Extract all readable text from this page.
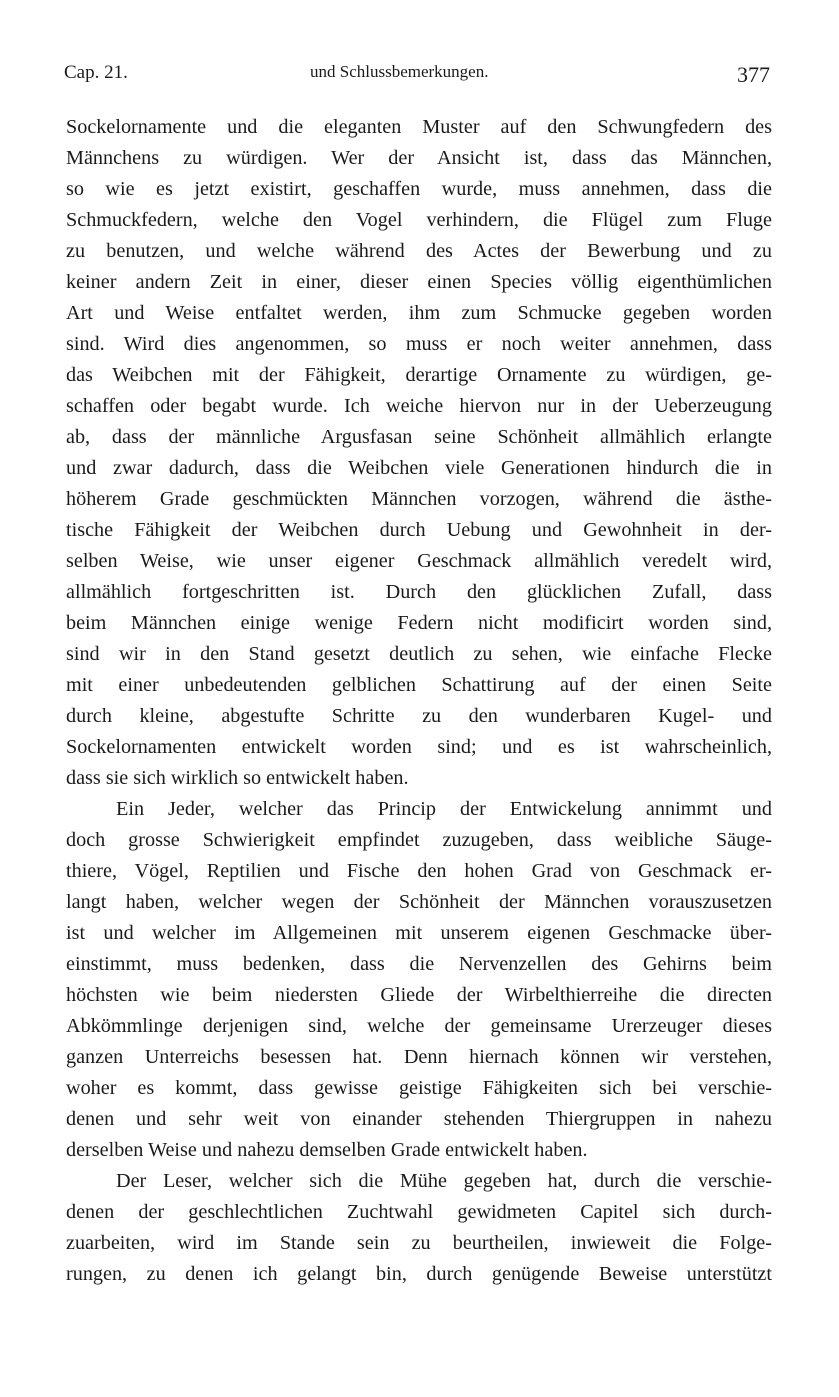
Cap. 21.	und Schlussbemerkungen.	377
Sockelornamente und die eleganten Muster auf den Schwungfedern des
Männchens zu würdigen. Wer der Ansicht ist, dass das Männchen,
so wie es jetzt existirt, geschaffen wurde, muss annehmen, dass die
Schmuckfedern, welche den Vogel verhindern, die Flügel zum Fluge
zu benutzen, und welche während des Actes der Bewerbung und zu
keiner andern Zeit in einer, dieser einen Species völlig eigenthümlichen
Art und Weise entfaltet werden, ihm zum Schmucke gegeben worden
sind. Wird dies angenommen, so muss er noch weiter annehmen, dass
das Weibchen mit der Fähigkeit, derartige Ornamente zu würdigen, ge-
schaffen oder begabt wurde. Ich weiche hiervon nur in der Ueberzeugung
ab, dass der männliche Argusfasan seine Schönheit allmählich erlangte
und zwar dadurch, dass die Weibchen viele Generationen hindurch die in
höherem Grade geschmückten Männchen vorzogen, während die ästhe-
tische Fähigkeit der Weibchen durch Uebung und Gewohnheit in der-
selben Weise, wie unser eigener Geschmack allmählich veredelt wird,
allmählich fortgeschritten ist. Durch den glücklichen Zufall, dass
beim Männchen einige wenige Federn nicht modificirt worden sind,
sind wir in den Stand gesetzt deutlich zu sehen, wie einfache Flecke
mit einer unbedeutenden gelblichen Schattirung auf der einen Seite
durch kleine, abgestufte Schritte zu den wunderbaren Kugel- und
Sockelornamenten entwickelt worden sind; und es ist wahrscheinlich,
dass sie sich wirklich so entwickelt haben.
Ein Jeder, welcher das Princip der Entwickelung annimmt und
doch grosse Schwierigkeit empfindet zuzugeben, dass weibliche Säuge-
thiere, Vögel, Reptilien und Fische den hohen Grad von Geschmack er-
langt haben, welcher wegen der Schönheit der Männchen vorauszusetzen
ist und welcher im Allgemeinen mit unserem eigenen Geschmacke über-
einstimmt, muss bedenken, dass die Nervenzellen des Gehirns beim
höchsten wie beim niedersten Gliede der Wirbelthierreihe die directen
Abkömmlinge derjenigen sind, welche der gemeinsame Urerzeuger dieses
ganzen Unterreichs besessen hat. Denn hiernach können wir verstehen,
woher es kommt, dass gewisse geistige Fähigkeiten sich bei verschie-
denen und sehr weit von einander stehenden Thiergruppen in nahezu
derselben Weise und nahezu demselben Grade entwickelt haben.
Der Leser, welcher sich die Mühe gegeben hat, durch die verschie-
denen der geschlechtlichen Zuchtwahl gewidmeten Capitel sich durch-
zuarbeiten, wird im Stande sein zu beurtheilen, inwieweit die Folge-
rungen, zu denen ich gelangt bin, durch genügende Beweise unterstützt
